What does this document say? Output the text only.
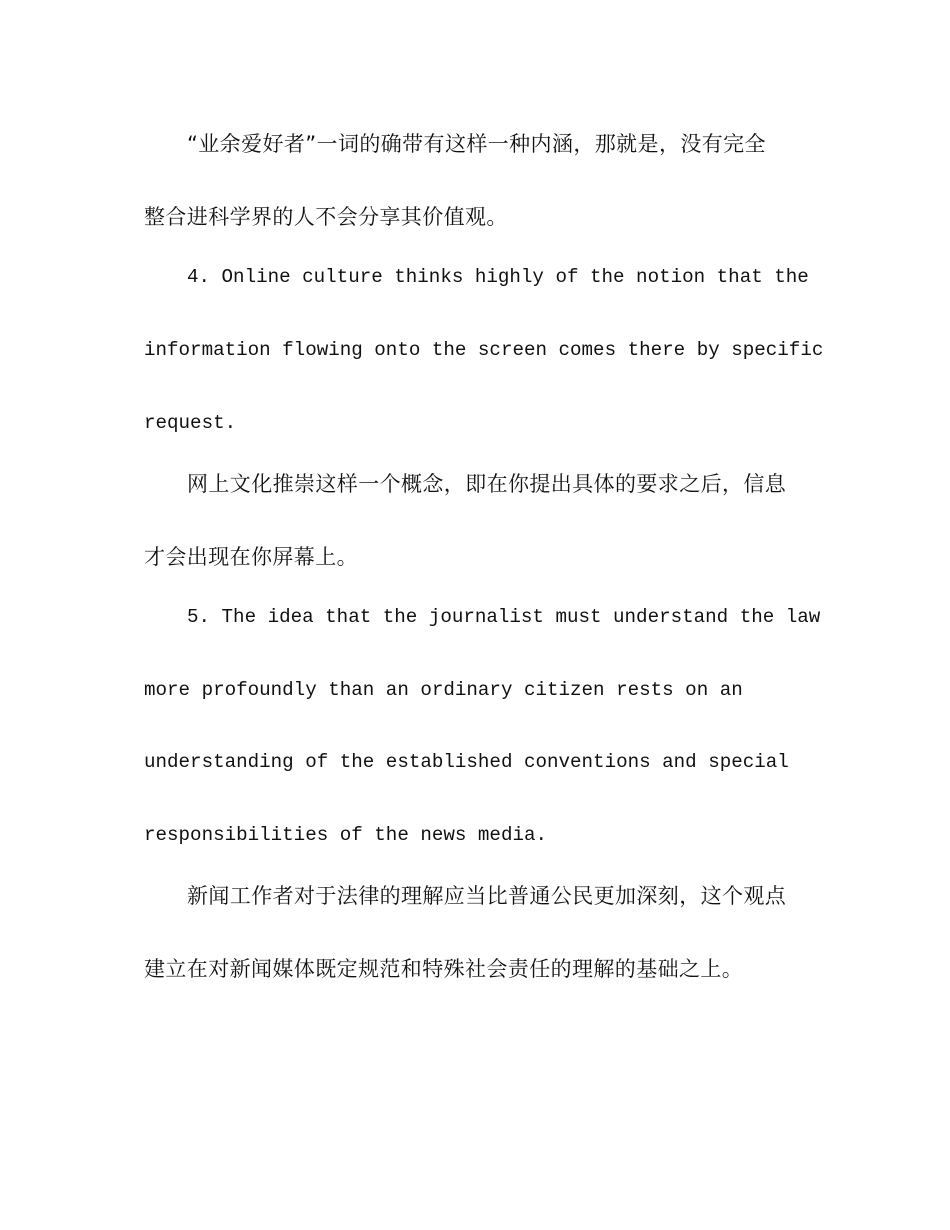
“业余爱好者”一词的确带有这样一种内涵，那就是，没有完全
整合进科学界的人不会分享其价值观。
4. Online culture thinks highly of the notion that the
information flowing onto the screen comes there by specific
request.
网上文化推崇这样一个概念，即在你提出具体的要求之后，信息
才会出现在你屏幕上。
5. The idea that the journalist must understand the law
more profoundly than an ordinary citizen rests on an
understanding of the established conventions and special
responsibilities of the news media.
新闻工作者对于法律的理解应当比普通公民更加深刻，这个观点
建立在对新闻媒体既定规范和特殊社会责任的理解的基础之上。
